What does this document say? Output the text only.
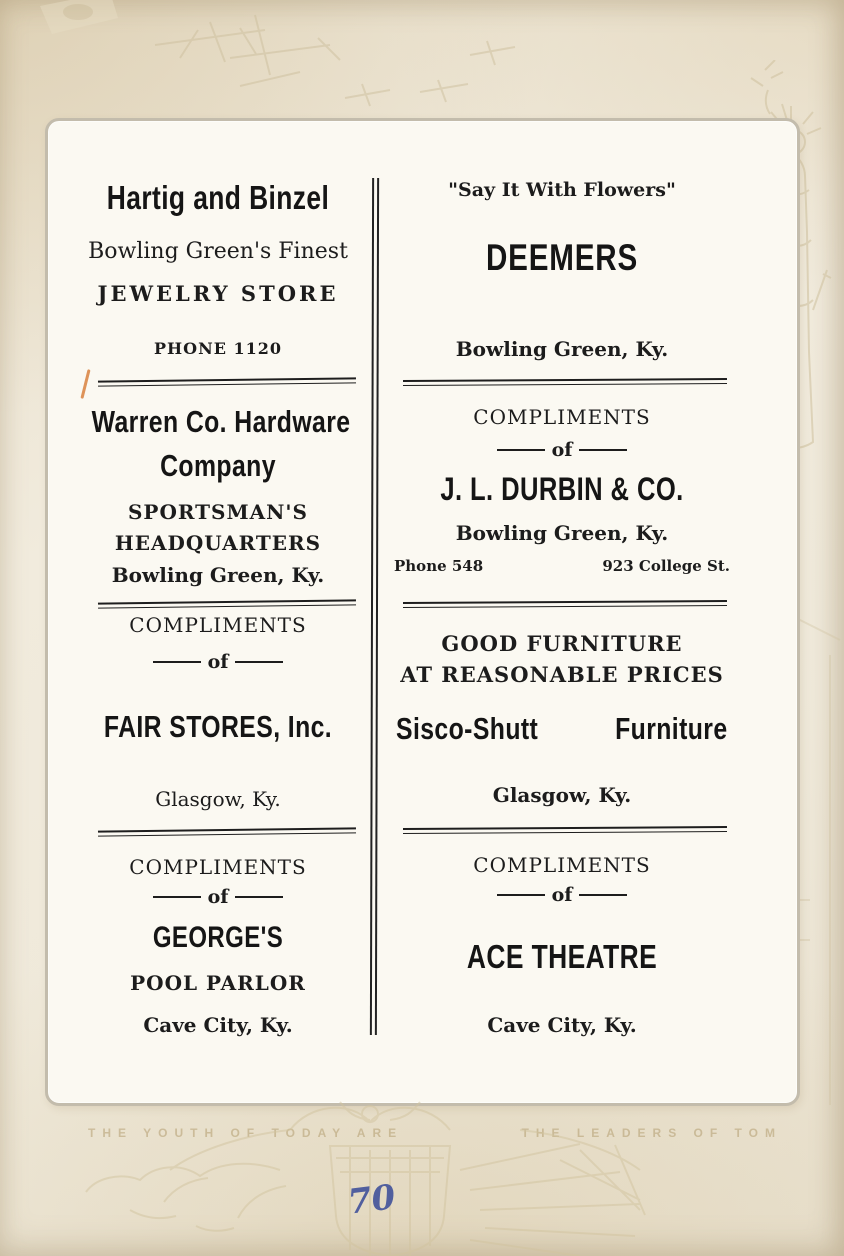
Hartig and Binzel
Bowling Green's Finest
JEWELRY STORE
PHONE 1120
Warren Co. Hardware
Company
SPORTSMAN'S
HEADQUARTERS
Bowling Green, Ky.
COMPLIMENTS
of
FAIR STORES, Inc.
Glasgow, Ky.
COMPLIMENTS
of
GEORGE'S
POOL PARLOR
Cave City, Ky.
"Say It With Flowers"
DEEMERS
Bowling Green, Ky.
COMPLIMENTS
of
J. L. DURBIN & CO.
Bowling Green, Ky.
Phone 548	923 College St.
GOOD FURNITURE
AT REASONABLE PRICES
Sisco-Shutt Furniture
Glasgow, Ky.
COMPLIMENTS
of
ACE THEATRE
Cave City, Ky.
THE YOUTH OF TODAY ARE	THE LEADERS OF TOM
70
